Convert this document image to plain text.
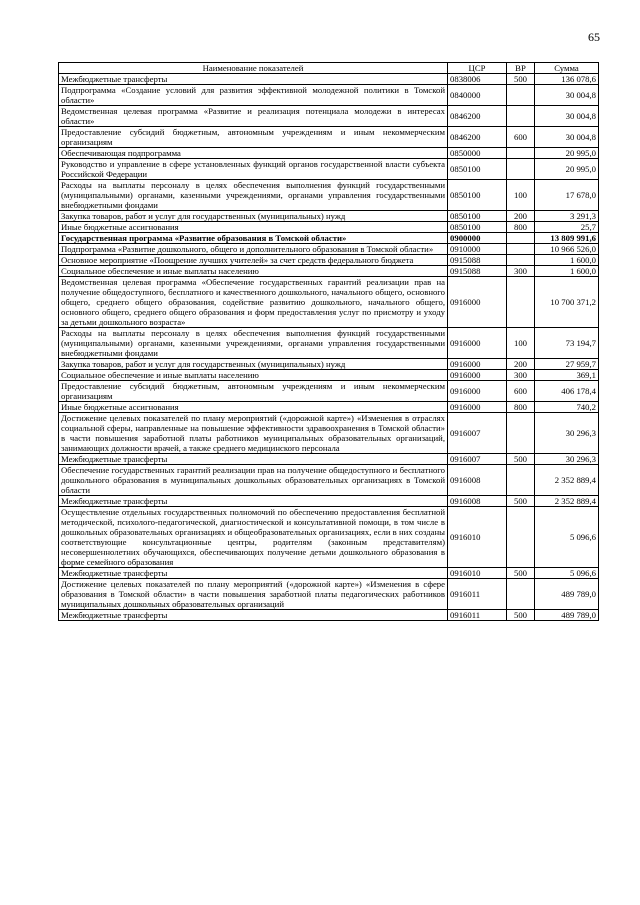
65
Наименование показателей	ЦСР	ВР	Сумма
Межбюджетные трансферты	0838006	500	136 078,6
Подпрограмма «Создание условий для развития эффективной молодежной политики в Томской области»	0840000		30 004,8
Ведомственная целевая программа «Развитие и реализация потенциала молодежи в интересах области»	0846200		30 004,8
Предоставление субсидий бюджетным, автономным учреждениям и иным некоммерческим организациям	0846200	600	30 004,8
Обеспечивающая подпрограмма	0850000		20 995,0
Руководство и управление в сфере установленных функций органов государственной власти субъекта Российской Федерации	0850100		20 995,0
Расходы на выплаты персоналу в целях обеспечения выполнения функций государственными (муниципальными) органами, казенными учреждениями, органами управления государственными внебюджетными фондами	0850100	100	17 678,0
Закупка товаров, работ и услуг для государственных (муниципальных) нужд	0850100	200	3 291,3
Иные бюджетные ассигнования	0850100	800	25,7
Государственная программа «Развитие образования в Томской области»	0900000		13 809 991,6
Подпрограмма «Развитие дошкольного, общего и дополнительного образования в Томской области»	0910000		10 966 526,0
Основное мероприятие «Поощрение лучших учителей» за счет средств федерального бюджета	0915088		1 600,0
Социальное обеспечение и иные выплаты населению	0915088	300	1 600,0
Ведомственная целевая программа «Обеспечение государственных гарантий реализации прав на получение общедоступного, бесплатного и качественного дошкольного, начального общего, основного общего, среднего общего образования, содействие развитию дошкольного, начального общего, основного общего, среднего общего образования и форм предоставления услуг по присмотру и уходу за детьми дошкольного возраста»	0916000		10 700 371,2
Расходы на выплаты персоналу в целях обеспечения выполнения функций государственными (муниципальными) органами, казенными учреждениями, органами управления государственными внебюджетными фондами	0916000	100	73 194,7
Закупка товаров, работ и услуг для государственных (муниципальных) нужд	0916000	200	27 959,7
Социальное обеспечение и иные выплаты населению	0916000	300	369,1
Предоставление субсидий бюджетным, автономным учреждениям и иным некоммерческим организациям	0916000	600	406 178,4
Иные бюджетные ассигнования	0916000	800	740,2
Достижение целевых показателей по плану мероприятий («дорожной карте») «Изменения в отраслях социальной сферы, направленные на повышение эффективности здравоохранения в Томской области» в части повышения заработной платы работников муниципальных образовательных организаций, занимающих должности врачей, а также среднего медицинского персонала	0916007		30 296,3
Межбюджетные трансферты	0916007	500	30 296,3
Обеспечение государственных гарантий реализации прав на получение общедоступного и бесплатного дошкольного образования в муниципальных дошкольных образовательных организациях в Томской области	0916008		2 352 889,4
Межбюджетные трансферты	0916008	500	2 352 889,4
Осуществление отдельных государственных полномочий по обеспечению предоставления бесплатной методической, психолого-педагогической, диагностической и консультативной помощи, в том числе в дошкольных образовательных организациях и общеобразовательных организациях, если в них созданы соответствующие консультационные центры, родителям (законным представителям) несовершеннолетних обучающихся, обеспечивающих получение детьми дошкольного образования в форме семейного образования	0916010		5 096,6
Межбюджетные трансферты	0916010	500	5 096,6
Достижение целевых показателей по плану мероприятий («дорожной карте») «Изменения в сфере образования в Томской области» в части повышения заработной платы педагогических работников муниципальных дошкольных образовательных организаций	0916011		489 789,0
Межбюджетные трансферты	0916011	500	489 789,0
